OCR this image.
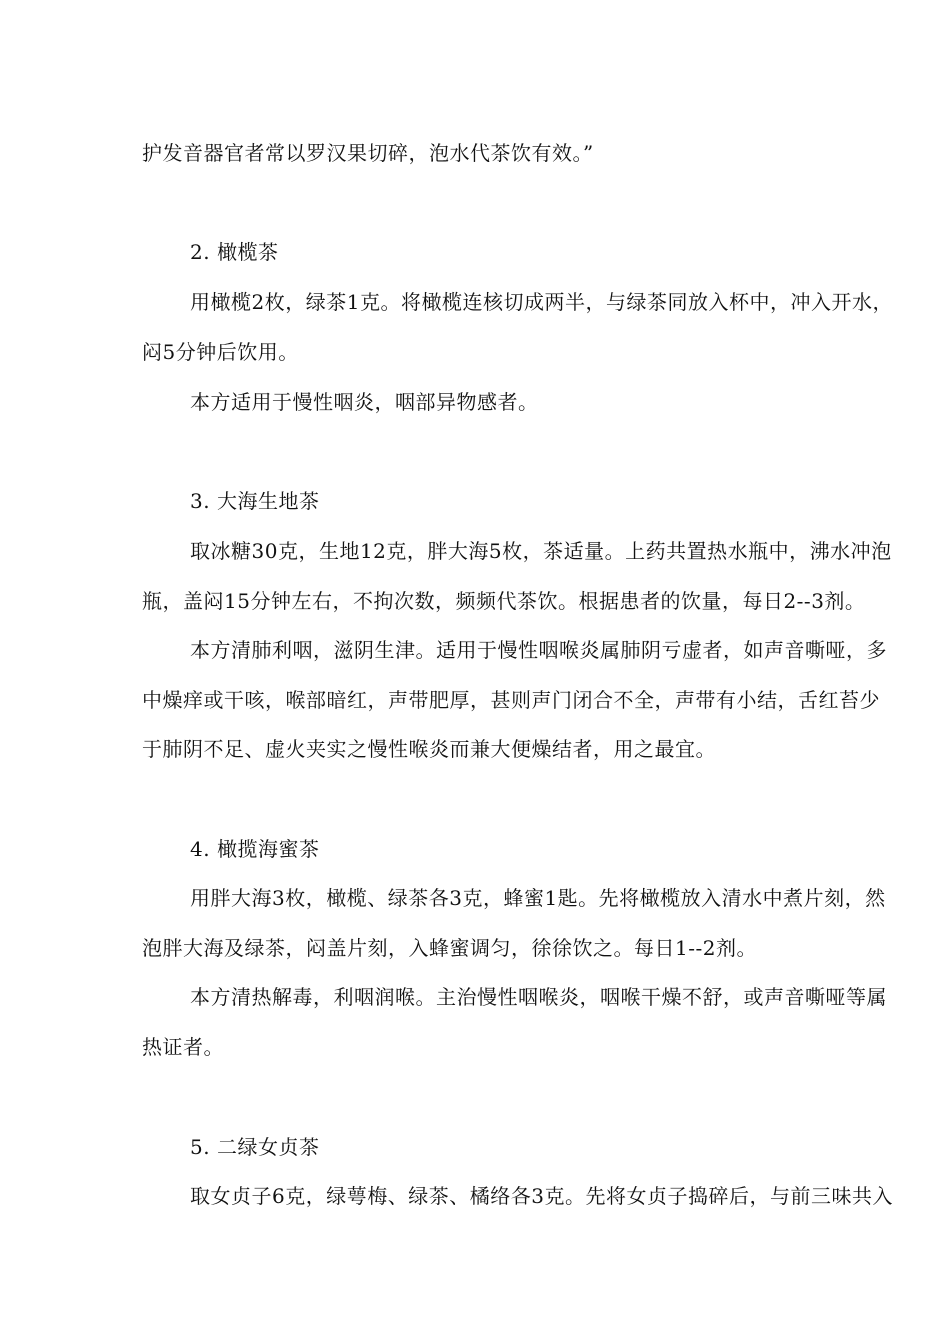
护发音器官者常以罗汉果切碎，泡水代茶饮有效。”
2. 橄榄茶
用橄榄2枚，绿茶1克。将橄榄连核切成两半，与绿茶同放入杯中，冲入开水，
闷5分钟后饮用。
本方适用于慢性咽炎，咽部异物感者。
3. 大海生地茶
取冰糖30克，生地12克，胖大海5枚，茶适量。上药共置热水瓶中，沸水冲泡
瓶，盖闷15分钟左右，不拘次数，频频代茶饮。根据患者的饮量，每日2--3剂。
本方清肺利咽，滋阴生津。适用于慢性咽喉炎属肺阴亏虚者，如声音嘶哑，多
中燥痒或干咳，喉部暗红，声带肥厚，甚则声门闭合不全，声带有小结，舌红苔少
于肺阴不足、虚火夹实之慢性喉炎而兼大便燥结者，用之最宜。
4. 橄揽海蜜茶
用胖大海3枚，橄榄、绿茶各3克，蜂蜜1匙。先将橄榄放入清水中煮片刻，然
泡胖大海及绿茶，闷盖片刻，入蜂蜜调匀，徐徐饮之。每日1--2剂。
本方清热解毒，利咽润喉。主治慢性咽喉炎，咽喉干燥不舒，或声音嘶哑等属
热证者。
5. 二绿女贞茶
取女贞子6克，绿萼梅、绿茶、橘络各3克。先将女贞子捣碎后，与前三味共入
